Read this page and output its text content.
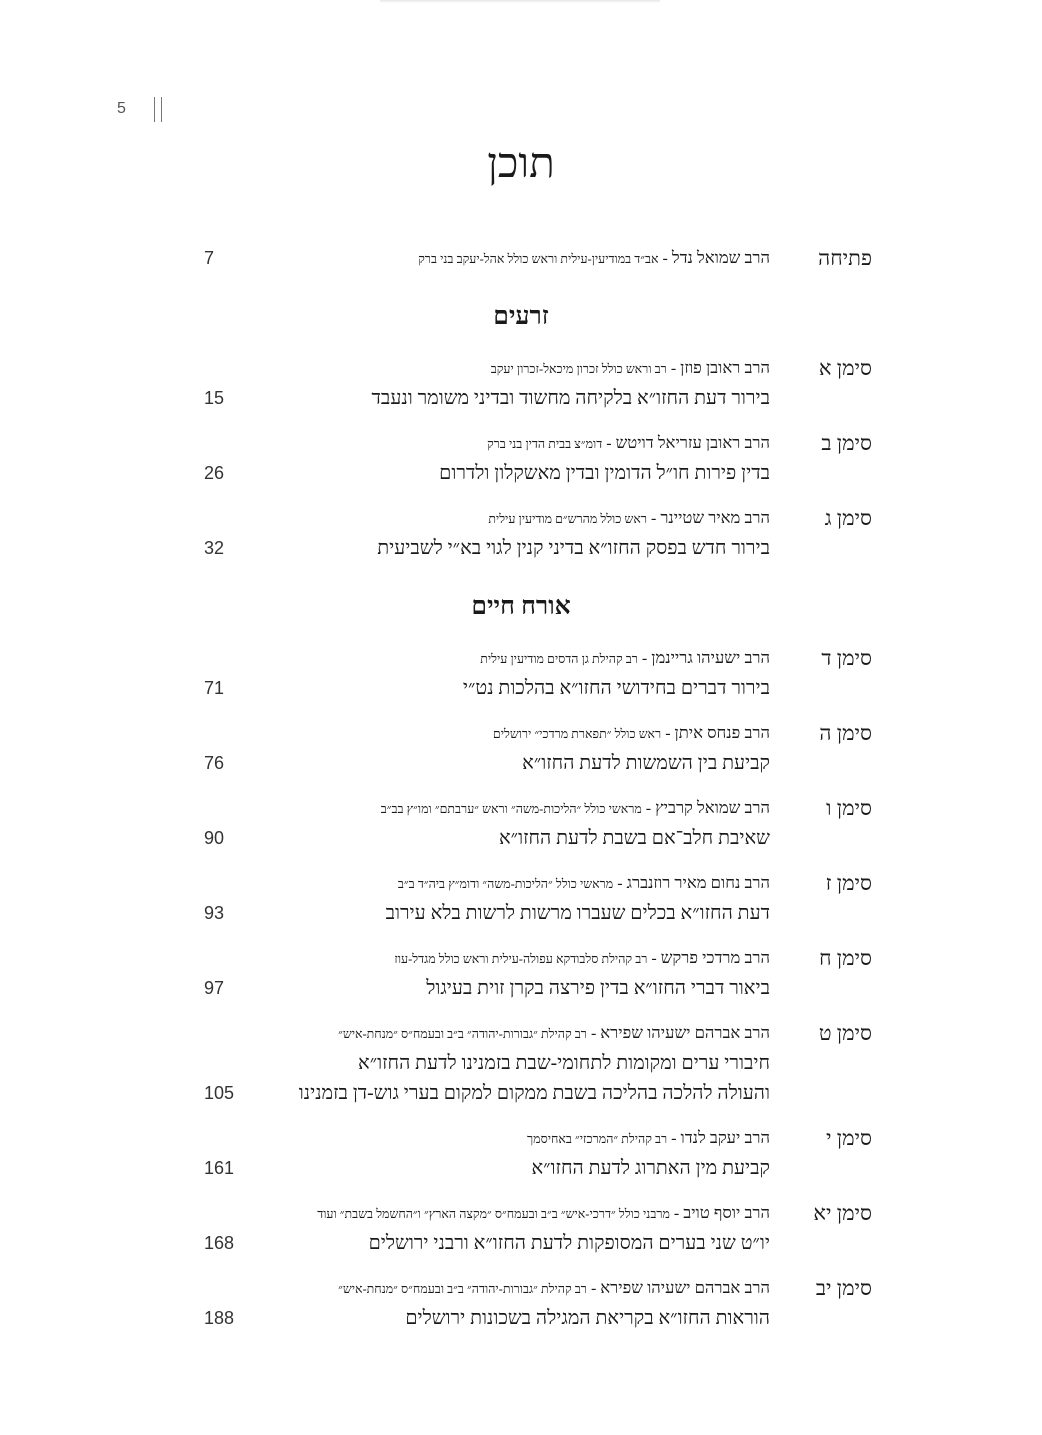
5
תוכן
פתיחה
הרב שמואל נדל - אב״ד במודיעין-עילית וראש כולל אהל-יעקב בני ברק
7
זרעים
סימן א
הרב ראובן פוזן - רב וראש כולל זכרון מיכאל-זכרון יעקב
בירור דעת החזו״א בלקיחה מחשוד ובדיני משומר ונעבד
15
סימן ב
הרב ראובן עזריאל דויטש - דומ״צ בבית הדין בני ברק
בדין פירות חו״ל הדומין ובדין מאשקלון ולדרום
26
סימן ג
הרב מאיר שטיינר - ראש כולל מהרש״ם מודיעין עילית
בירור חדש בפסק החזו״א בדיני קנין לגוי בא״י לשביעית
32
אורח חיים
סימן ד
הרב ישעיהו גריינמן - רב קהילת גן הדסים מודיעין עילית
בירור דברים בחידושי החזו״א בהלכות נט״י
71
סימן ה
הרב פנחס איתן - ראש כולל ״תפארת מרדכי״ ירושלים
קביעת בין השמשות לדעת החזו״א
76
סימן ו
הרב שמואל קרביץ - מראשי כולל ״הליכות-משה״ וראש ״ערבתם״ ומו״ץ בב״ב
שאיבת חלב־אם בשבת לדעת החזו״א
90
סימן ז
הרב נחום מאיר רוזנברג - מראשי כולל ״הליכות-משה״ ודומ״ץ ביה״ד ב״ב
דעת החזו״א בכלים שעברו מרשות לרשות בלא עירוב
93
סימן ח
הרב מרדכי פרקש - רב קהילת סלבודקא עפולה-עילית וראש כולל מגדל-עוז
ביאור דברי החזו״א בדין פירצה בקרן זוית בעיגול
97
סימן ט
הרב אברהם ישעיהו שפירא - רב קהילת ״גבורות-יהודה״ ב״ב ובעמח״ס ״מנחת-איש״
חיבורי ערים ומקומות לתחומי-שבת בזמנינו לדעת החזו״א
והעולה להלכה בהליכה בשבת ממקום למקום בערי גוש-דן בזמנינו
105
סימן י
הרב יעקב לנדו - רב קהילת ״המרכזי״ באחיסמך
קביעת מין האתרוג לדעת החזו״א
161
סימן יא
הרב יוסף טויב - מרבני כולל ״דרכי-איש״ ב״ב ובעמח״ס ״מקצה הארץ״ ו״החשמל בשבת״ ועוד
יו״ט שני בערים המסופקות לדעת החזו״א ורבני ירושלים
168
סימן יב
הרב אברהם ישעיהו שפירא - רב קהילת ״גבורות-יהודה״ ב״ב ובעמח״ס ״מנחת-איש״
הוראות החזו״א בקריאת המגילה בשכונות ירושלים
188
